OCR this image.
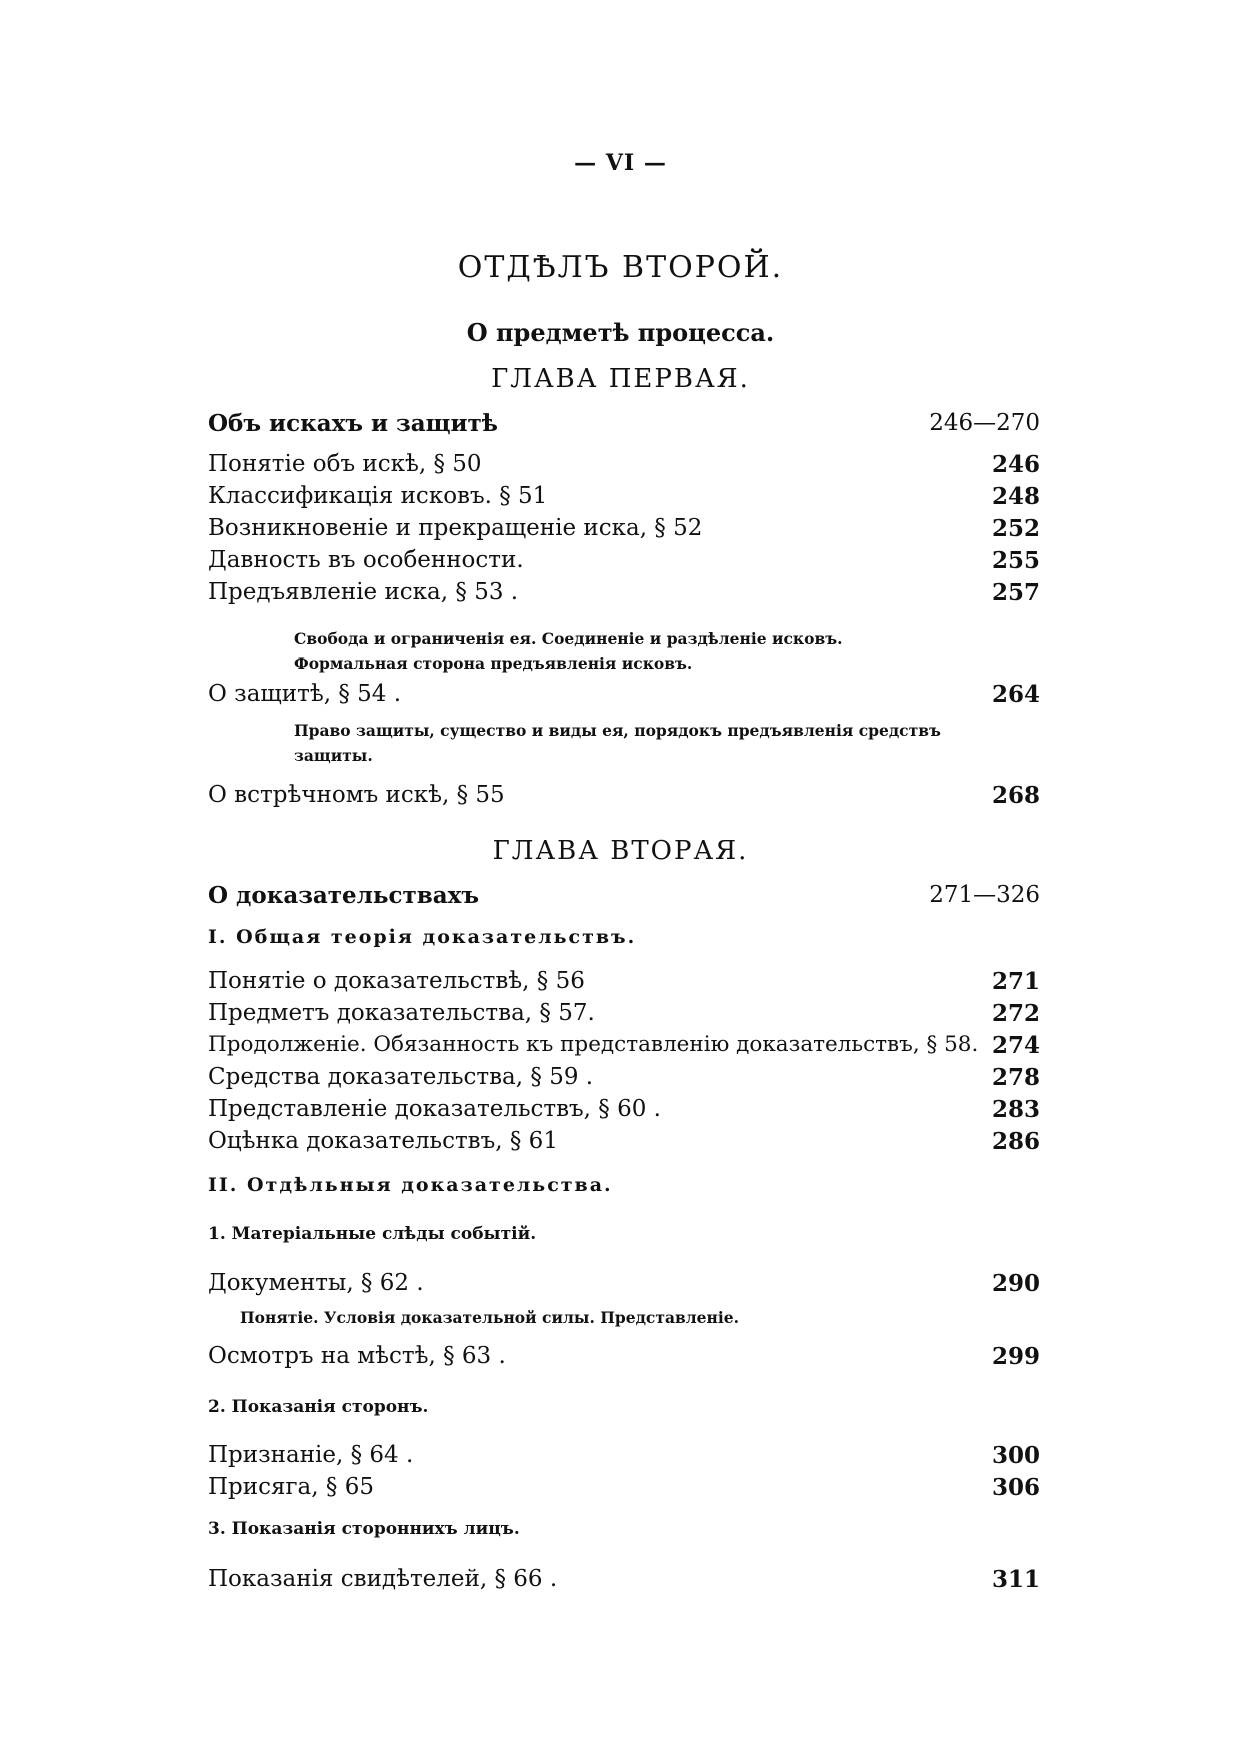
— VI —
ОТДѢЛЪ ВТОРОЙ.
О предметѣ процесса.
ГЛАВА ПЕРВАЯ.
Объ искахъ и защитѣ	246—270
Понятіе объ искѣ, § 50	246
Классификація исковъ. § 51	248
Возникновеніе и прекращеніе иска, § 52	252
Давность въ особенности.	255
Предъявленіе иска, § 53 .	257
Свобода и ограниченія ея. Соединеніе и раздѣленіе исковъ. Формальная сторона предъявленія исковъ.
О защитѣ, § 54 .	264
Право защиты, существо и виды ея, порядокъ предъявленія средствъ защиты.
О встрѣчномъ искѣ, § 55	268
ГЛАВА ВТОРАЯ.
О доказательствахъ	271—326
I. Общая теорія доказательствъ.
Понятіе о доказательствѣ, § 56	271
Предметъ доказательства, § 57.	272
Продолженіе. Обязанность къ представленію доказательствъ, § 58. 274
Средства доказательства, § 59 .	278
Представленіе доказательствъ, § 60 .	283
Оцѣнка доказательствъ, § 61	286
II. Отдѣльныя доказательства.
1. Матеріальные слѣды событій.
Документы, § 62 .	290
Понятіе. Условія доказательной силы. Представленіе.
Осмотръ на мѣстѣ, § 63 .	299
2. Показанія сторонъ.
Признаніе, § 64 .	300
Присяга, § 65	306
3. Показанія стороннихъ лицъ.
Показанія свидѣтелей, § 66 .	311
